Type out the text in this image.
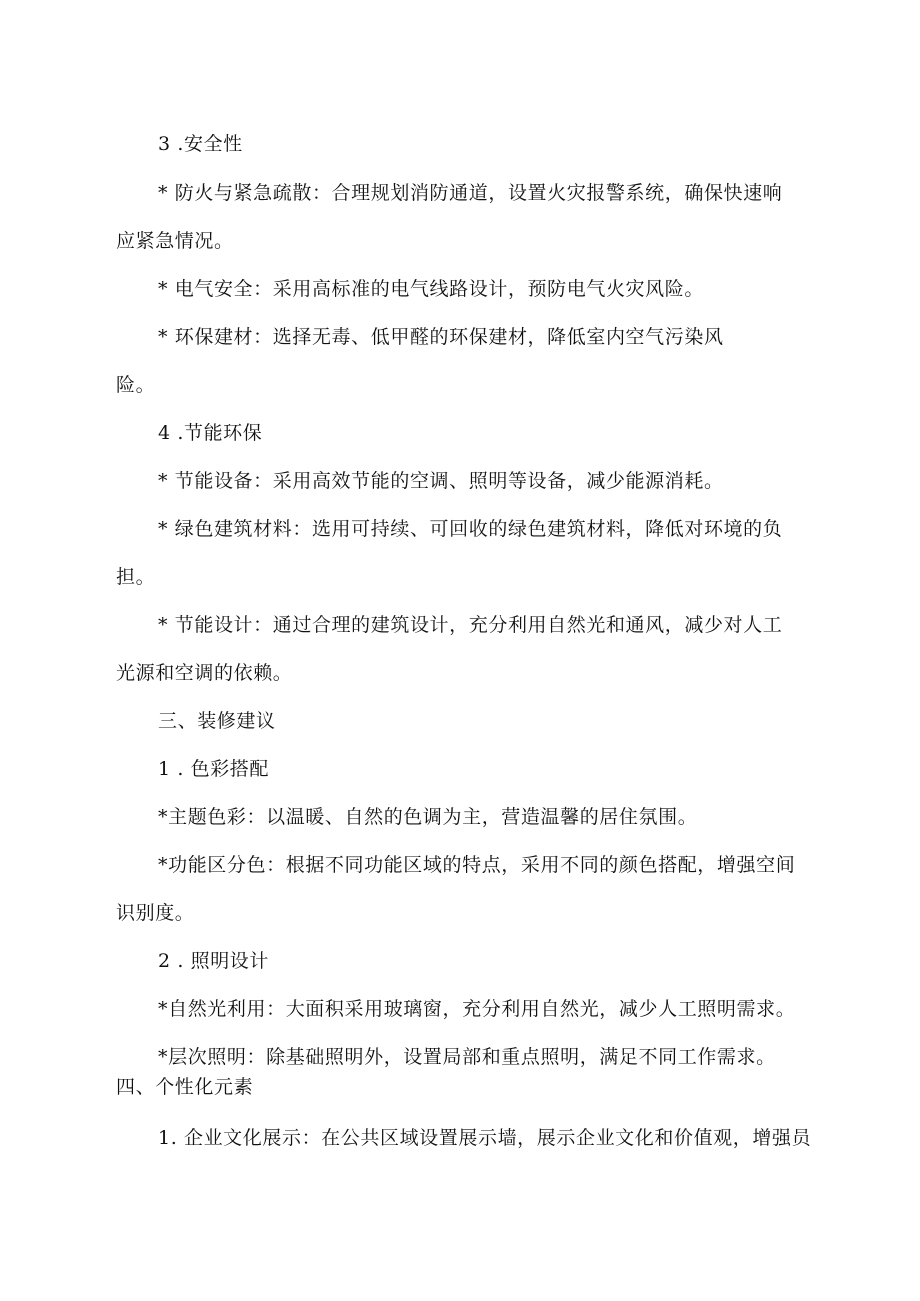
3 .安全性
* 防火与紧急疏散：合理规划消防通道，设置火灾报警系统，确保快速响
应紧急情况。
* 电气安全：采用高标准的电气线路设计，预防电气火灾风险。
* 环保建材：选择无毒、低甲醛的环保建材，降低室内空气污染风
险。
4 .节能环保
* 节能设备：采用高效节能的空调、照明等设备，减少能源消耗。
* 绿色建筑材料：选用可持续、可回收的绿色建筑材料，降低对环境的负
担。
* 节能设计：通过合理的建筑设计，充分利用自然光和通风，减少对人工
光源和空调的依赖。
三、装修建议
1 . 色彩搭配
*主题色彩：以温暖、自然的色调为主，营造温馨的居住氛围。
*功能区分色：根据不同功能区域的特点，采用不同的颜色搭配，增强空间
识别度。
2 . 照明设计
*自然光利用：大面积采用玻璃窗，充分利用自然光，减少人工照明需求。
*层次照明：除基础照明外，设置局部和重点照明，满足不同工作需求。
四、个性化元素
1. 企业文化展示：在公共区域设置展示墙，展示企业文化和价值观，增强员
